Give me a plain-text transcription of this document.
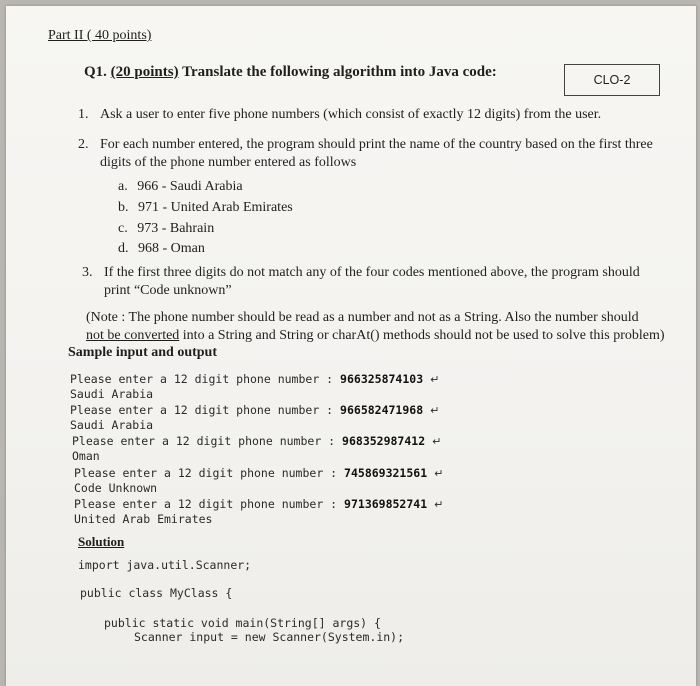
Part II ( 40 points)
Q1. (20 points) Translate the following algorithm into Java code:	CLO-2
1. Ask a user to enter five phone numbers (which consist of exactly 12 digits) from the user.
2. For each number entered, the program should print the name of the country based on the first three
digits of the phone number entered as follows
a. 966 - Saudi Arabia
b. 971 - United Arab Emirates
c. 973 - Bahrain
d. 968 - Oman
3. If the first three digits do not match any of the four codes mentioned above, the program should
print “Code unknown”
(Note : The phone number should be read as a number and not as a String. Also the number should
not be converted into a String and String or charAt() methods should not be used to solve this problem)
Sample input and output
Please enter a 12 digit phone number : 966325874103 ↵
Saudi Arabia
Please enter a 12 digit phone number : 966582471968 ↵
Saudi Arabia
Please enter a 12 digit phone number : 968352987412 ↵
Oman
Please enter a 12 digit phone number : 745869321561 ↵
Code Unknown
Please enter a 12 digit phone number : 971369852741 ↵
United Arab Emirates
Solution
import java.util.Scanner;
public class MyClass {
public static void main(String[] args) {
Scanner input = new Scanner(System.in);
